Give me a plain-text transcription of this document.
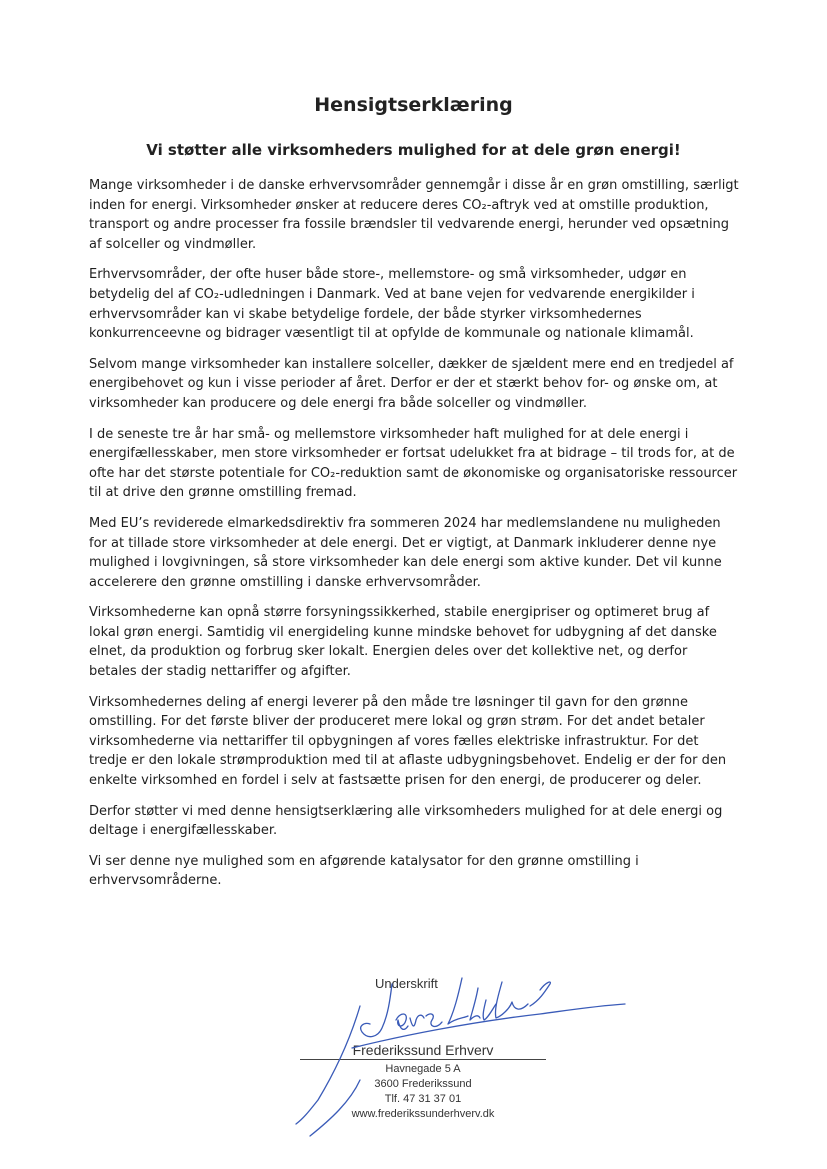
Hensigtserklæring
Vi støtter alle virksomheders mulighed for at dele grøn energi!

Mange virksomheder i de danske erhvervsområder gennemgår i disse år en grøn omstilling, særligt inden for energi. Virksomheder ønsker at reducere deres CO₂-aftryk ved at omstille produktion, transport og andre processer fra fossile brændsler til vedvarende energi, herunder ved opsætning af solceller og vindmøller.

Erhvervsområder, der ofte huser både store-, mellemstore- og små virksomheder, udgør en betydelig del af CO₂-udledningen i Danmark. Ved at bane vejen for vedvarende energikilder i erhvervsområder kan vi skabe betydelige fordele, der både styrker virksomhedernes konkurrenceevne og bidrager væsentligt til at opfylde de kommunale og nationale klimamål.

Selvom mange virksomheder kan installere solceller, dækker de sjældent mere end en tredjedel af energibehovet og kun i visse perioder af året. Derfor er der et stærkt behov for- og ønske om, at virksomheder kan producere og dele energi fra både solceller og vindmøller.

I de seneste tre år har små- og mellemstore virksomheder haft mulighed for at dele energi i energifællesskaber, men store virksomheder er fortsat udelukket fra at bidrage – til trods for, at de ofte har det største potentiale for CO₂-reduktion samt de økonomiske og organisatoriske ressourcer til at drive den grønne omstilling fremad.

Med EU’s reviderede elmarkedsdirektiv fra sommeren 2024 har medlemslandene nu muligheden for at tillade store virksomheder at dele energi. Det er vigtigt, at Danmark inkluderer denne nye mulighed i lovgivningen, så store virksomheder kan dele energi som aktive kunder. Det vil kunne accelerere den grønne omstilling i danske erhvervsområder.

Virksomhederne kan opnå større forsyningssikkerhed, stabile energipriser og optimeret brug af lokal grøn energi. Samtidig vil energideling kunne mindske behovet for udbygning af det danske elnet, da produktion og forbrug sker lokalt. Energien deles over det kollektive net, og derfor betales der stadig nettariffer og afgifter.

Virksomhedernes deling af energi leverer på den måde tre løsninger til gavn for den grønne omstilling. For det første bliver der produceret mere lokal og grøn strøm. For det andet betaler virksomhederne via nettariffer til opbygningen af vores fælles elektriske infrastruktur. For det tredje er den lokale strømproduktion med til at aflaste udbygningsbehovet. Endelig er der for den enkelte virksomhed en fordel i selv at fastsætte prisen for den energi, de producerer og deler.

Derfor støtter vi med denne hensigtserklæring alle virksomheders mulighed for at dele energi og deltage i energifællesskaber.

Vi ser denne nye mulighed som en afgørende katalysator for den grønne omstilling i erhvervsområderne.

Underskrift
Frederikssund Erhverv
Havnegade 5 A
3600 Frederikssund
Tlf. 47 31 37 01
www.frederikssunderhverv.dk
